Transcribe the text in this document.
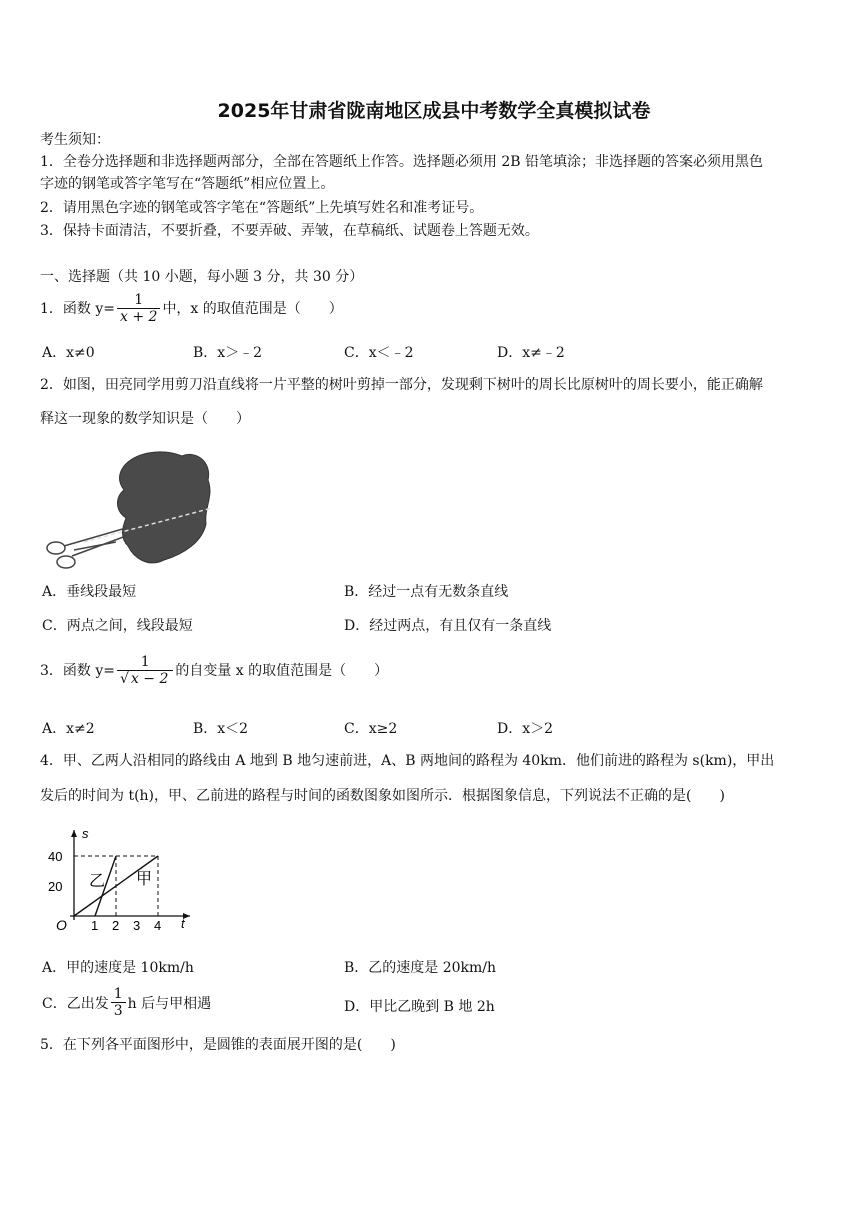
2025年甘肃省陇南地区成县中考数学全真模拟试卷
考生须知：
1．全卷分选择题和非选择题两部分，全部在答题纸上作答。选择题必须用 2B 铅笔填涂；非选择题的答案必须用黑色
字迹的钢笔或答字笔写在“答题纸”相应位置上。
2．请用黑色字迹的钢笔或答字笔在“答题纸”上先填写姓名和准考证号。
3．保持卡面清洁，不要折叠，不要弄破、弄皱，在草稿纸、试题卷上答题无效。
一、选择题（共 10 小题，每小题 3 分，共 30 分）
1．函数 $y= \frac{1}{x + 2}$ 中，x 的取值范围是（　　）
A．x≠0	B．x＞﹣2	C．x＜﹣2	D．x≠﹣2
2．如图，田亮同学用剪刀沿直线将一片平整的树叶剪掉一部分，发现剩下树叶的周长比原树叶的周长要小，能正确解
释这一现象的数学知识是（　　）
A．垂线段最短	B．经过一点有无数条直线
C．两点之间，线段最短	D．经过两点，有且仅有一条直线
3．函数 $y= \frac{1}{√ x - 2}$ 的自变量 x 的取值范围是（　　）
A．x≠2	B．x＜2	C．x≥2	D．x＞2
4．甲、乙两人沿相同的路线由 A 地到 B 地匀速前进，A、B 两地间的路程为 40km．他们前进的路程为 s(km)，甲出
发后的时间为 t(h)，甲、乙前进的路程与时间的函数图象如图所示．根据图象信息，下列说法不正确的是(　　)
s
t
O
40
20
1 2 3 4
乙 甲
A．甲的速度是 10km/h	B．乙的速度是 20km/h
C．乙出发 $\frac{1}{3}$ h 后与甲相遇	D．甲比乙晚到 B 地 2h
5．在下列各平面图形中，是圆锥的表面展开图的是(　　)
